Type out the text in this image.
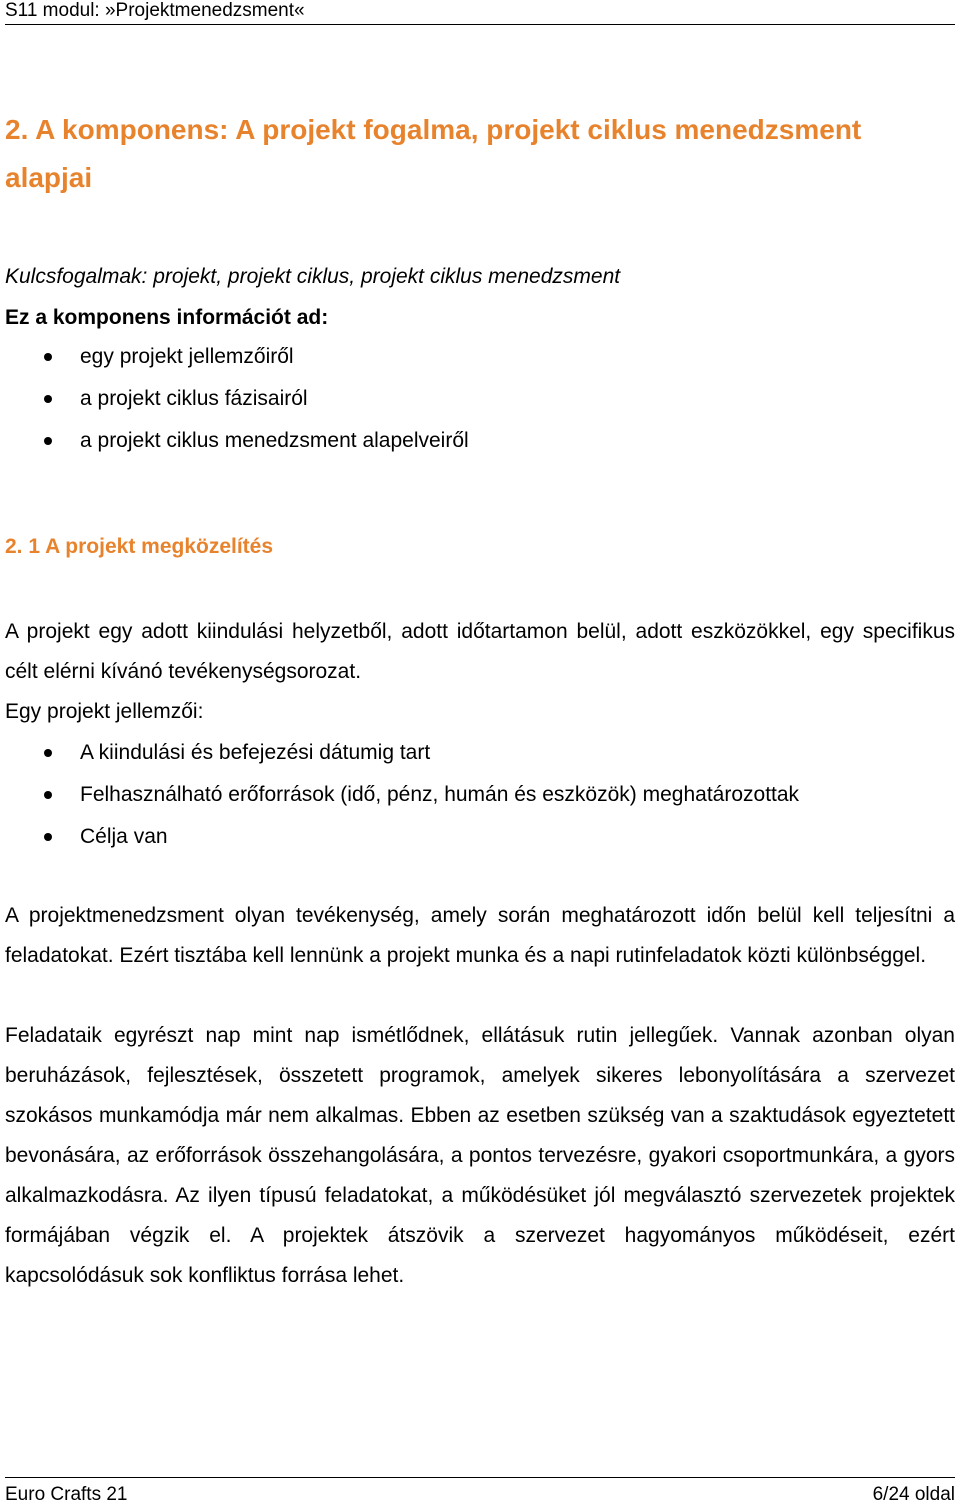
S11 modul: »Projektmenedzsment«
2. A komponens: A projekt fogalma, projekt ciklus menedzsment alapjai
Kulcsfogalmak: projekt, projekt ciklus, projekt ciklus menedzsment
Ez a komponens információt ad:
egy projekt jellemzőiről
a projekt ciklus fázisairól
a projekt ciklus menedzsment alapelveiről
2. 1 A projekt megközelítés

A projekt egy adott kiindulási helyzetből, adott időtartamon belül, adott eszközökkel, egy specifikus célt elérni kívánó tevékenységsorozat.

Egy projekt jellemzői:

A kiindulási és befejezési dátumig tart
Felhasználható erőforrások (idő, pénz, humán és eszközök) meghatározottak
Célja van

A projektmenedzsment olyan tevékenység, amely során meghatározott időn belül kell teljesítni a feladatokat. Ezért tisztába kell lennünk a projekt munka és a napi rutinfeladatok közti különbséggel.

Feladataik egyrészt nap mint nap ismétlődnek, ellátásuk rutin jellegűek. Vannak azonban olyan beruházások, fejlesztések, összetett programok, amelyek sikeres lebonyolítására a szervezet szokásos munkamódja már nem alkalmas. Ebben az esetben szükség van a szaktudások egyeztetett bevonására, az erőforrások összehangolására, a pontos tervezésre, gyakori csoportmunkára, a gyors alkalmazkodásra. Az ilyen típusú feladatokat, a működésüket jól megválasztó szervezetek projektek formájában végzik el. A projektek átszövik a szervezet hagyományos működéseit, ezért kapcsolódásuk sok konfliktus forrása lehet.

Euro Crafts 21	6/24 oldal
